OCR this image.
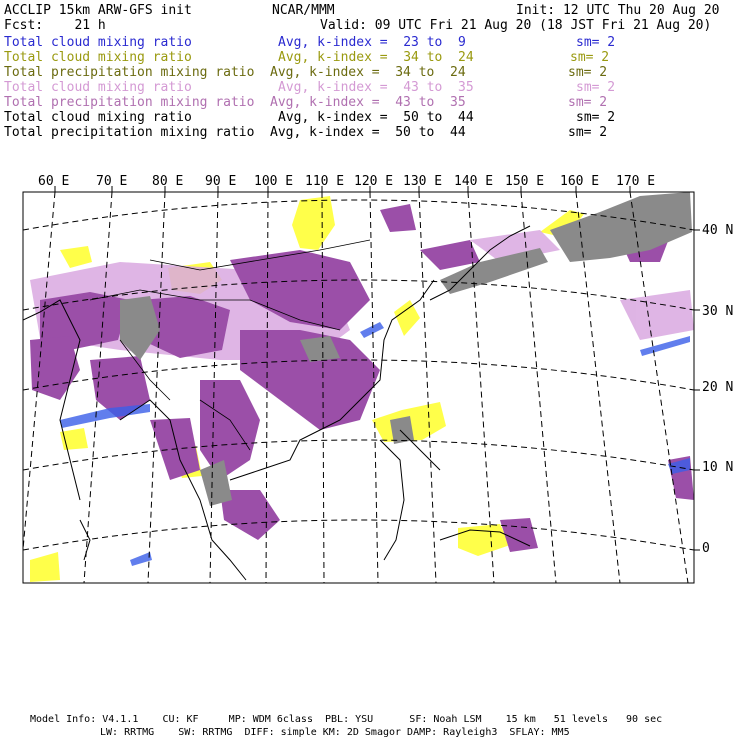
ACCLIP 15km ARW-GFS init	NCAR/MMM	Init: 12 UTC Thu 20 Aug 20
Fcst:    21 h	Valid: 09 UTC Fri 21 Aug 20 (18 JST Fri 21 Aug 20)
Total cloud mixing ratio	Avg, k-index =  23 to  9	sm= 2
Total cloud mixing ratio	Avg, k-index =  34 to  24	sm= 2
Total precipitation mixing ratio Avg, k-index =  34 to  24	sm= 2
Total cloud mixing ratio	Avg, k-index =  43 to  35	sm= 2
Total precipitation mixing ratio Avg, k-index =  43 to  35	sm= 2
Total cloud mixing ratio	Avg, k-index =  50 to  44	sm= 2
Total precipitation mixing ratio Avg, k-index =  50 to  44	sm= 2
60 E 70 E 80 E 90 E 100 E 110 E 120 E 130 E 140 E 150 E 160 E 170 E
40 N
30 N
20 N
10 N
0
Model Info: V4.1.1    CU: KF     MP: WDM 6class  PBL: YSU      SF: Noah LSM    15 km   51 levels   90 sec
LW: RRTMG    SW: RRTMG  DIFF: simple KM: 2D Smagor DAMP: Rayleigh3  SFLAY: MM5
